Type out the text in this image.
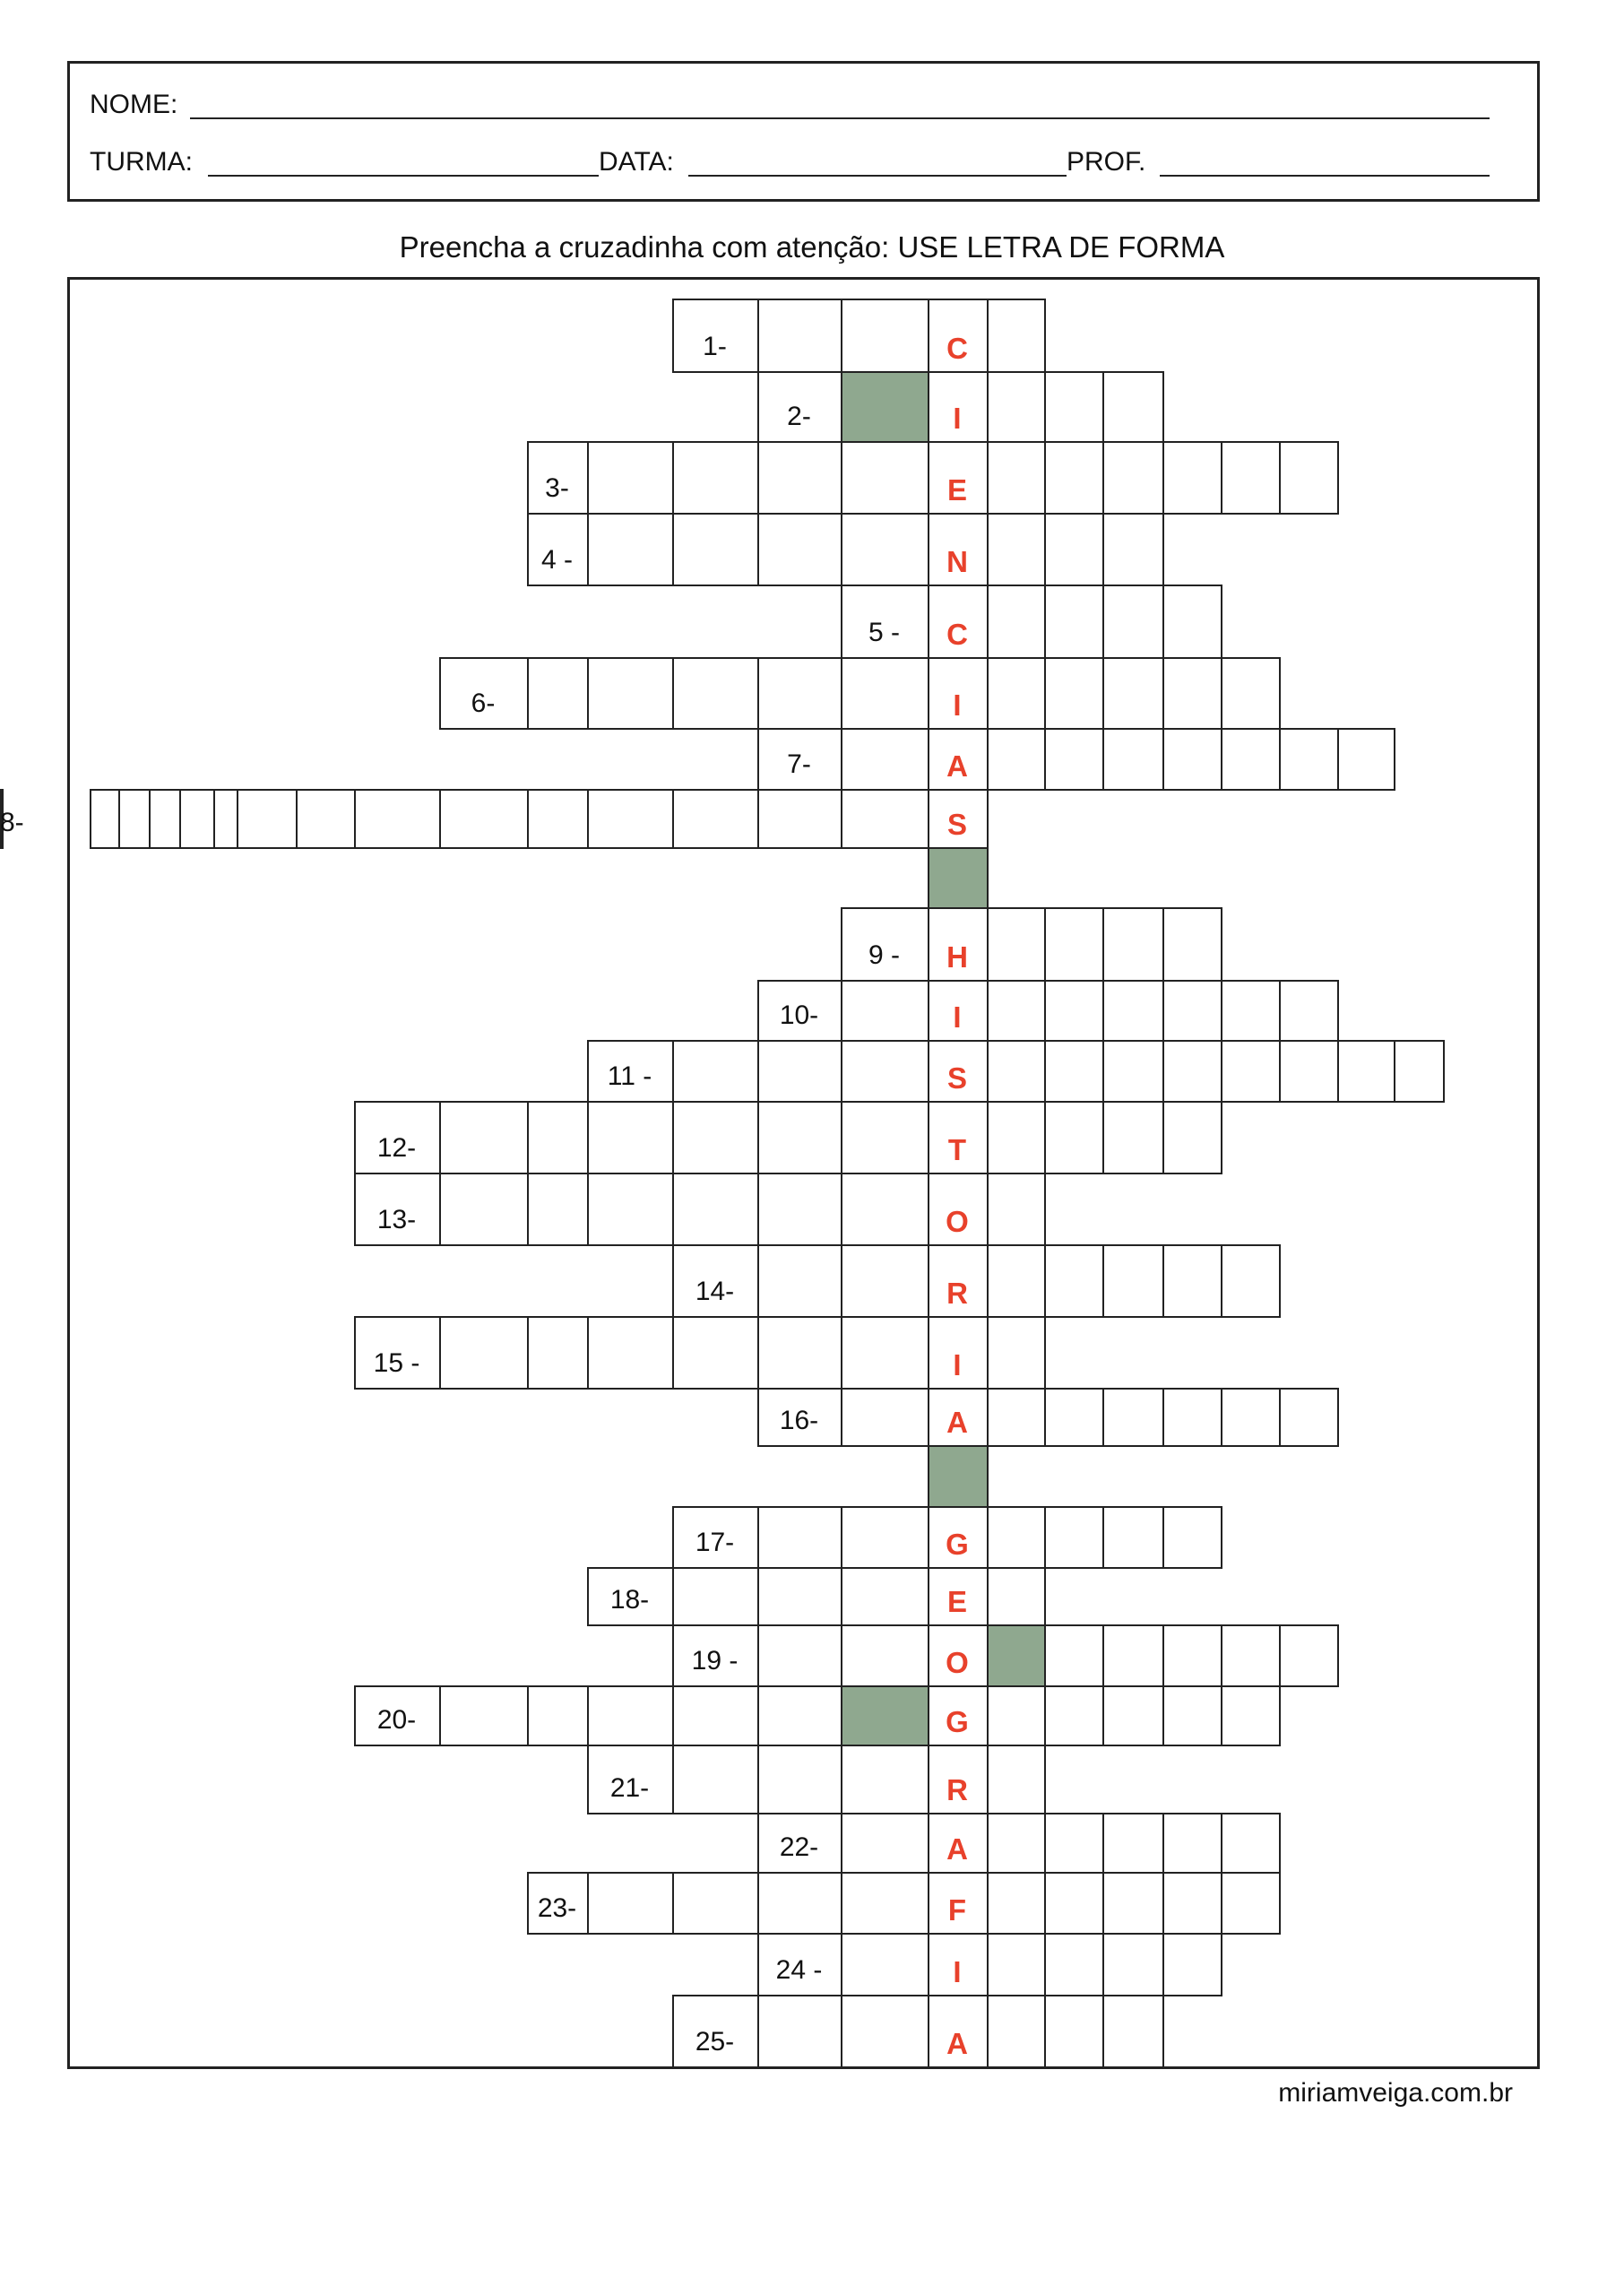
NOME:
TURMA:	DATA:	PROF.
Preencha a cruzadinha com atenção: USE LETRA DE FORMA
1-	C
2-	I
3-	E
4 -	N
5 -	C
6-	I
7-	A
8-	S
9 -	H
10-	I
11 -	S
12-	T
13-	O
14-	R
15 -	I
16-	A
17-	G
18-	E
19 -	O
20-	G
21-	R
22-	A
23-	F
24 -	I
25-	A
miriamveiga.com.br
